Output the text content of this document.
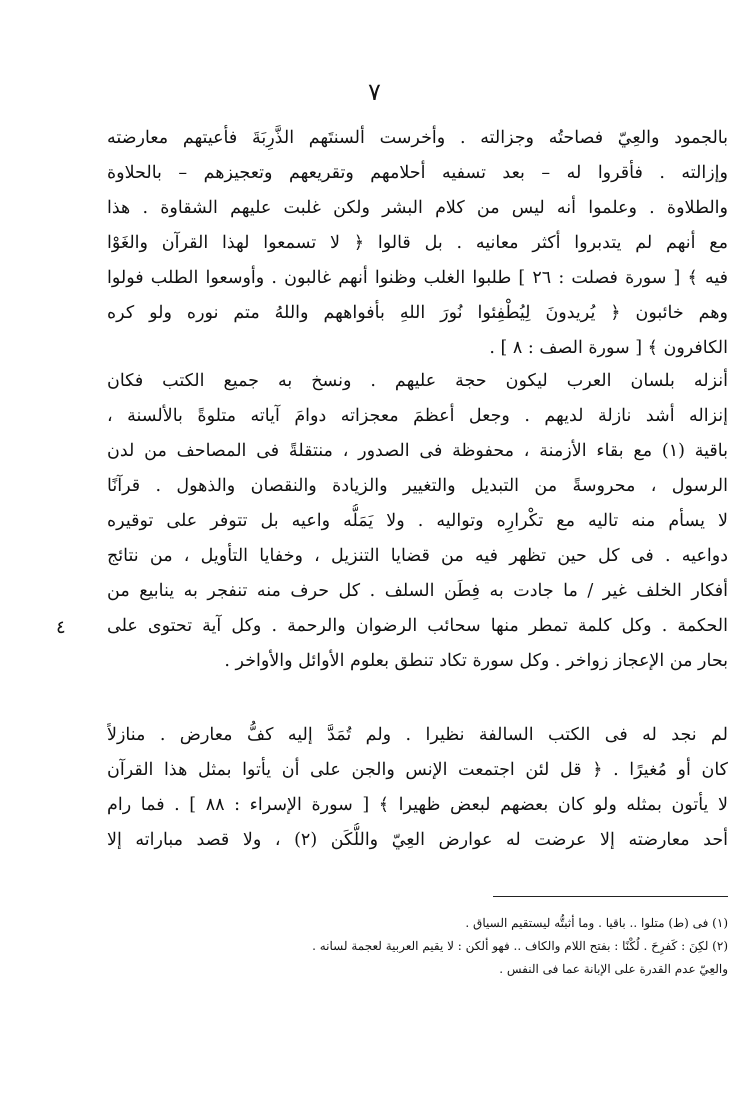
٧
بالجمود والعِيّ فصاحتُه وجزالته . وأخرست ألسنتَهم الذَّرِبَةَ فأعيتهم معارضته
وإزالته . فأقروا له – بعد تسفيه أحلامهم وتقريعهم وتعجيزهم – بالحلاوة
والطلاوة . وعلموا أنه ليس من كلام البشر ولكن غلبت عليهم الشقاوة . هذا
مع أنهم لم يتدبروا أكثر معانيه . بل قالوا ﴿ لا تسمعوا لهذا القرآن والغَوْا
فيه ﴾ [ سورة فصلت : ٢٦ ] طلبوا الغلب وظنوا أنهم غالبون . وأوسعوا الطلب فولوا
وهم خائبون ﴿ يُريدونَ لِيُطْفِئوا نُورَ اللهِ بأفواههم واللهُ متم نوره ولو كره
الكافرون ﴾ [ سورة الصف : ٨ ] .
أنزله بلسان العرب ليكون حجة عليهم . ونسخ به جميع الكتب فكان
إنزاله أشد نازلة لديهم . وجعل أعظمَ معجزاته دوامَ آياته متلوةً بالألسنة ،
باقية (١) مع بقاء الأزمنة ، محفوظة فى الصدور ، منتقلةً فى المصاحف من لدن
الرسول ، محروسةً من التبديل والتغيير والزيادة والنقصان والذهول . قرآنًا
لا يسأم منه تاليه مع تكْرارِه وتواليه . ولا يَمَلُّه واعيه بل تتوفر على توقيره
دواعيه . فى كل حين تظهر فيه من قضايا التنزيل ، وخفايا التأويل ، من نتائج
أفكار الخلف غير / ما جادت به فِطَن السلف . كل حرف منه تنفجر به ينابيع من
الحكمة . وكل كلمة تمطر منها سحائب الرضوان والرحمة . وكل آية تحتوى على
بحار من الإعجاز زواخر . وكل سورة تكاد تنطق بعلوم الأوائل والأواخر .
٤
لم نجد له فى الكتب السالفة نظيرا . ولم تُمَدَّ إليه كفُّ معارض . منازلاً
كان أو مُغيرًا . ﴿ قل لئن اجتمعت الإنس والجن على أن يأتوا بمثل هذا القرآن
لا يأتون بمثله ولو كان بعضهم لبعض ظهيرا ﴾ [ سورة الإسراء : ٨٨ ] . فما رام
أحد معارضته إلا عرضت له عوارض العِيّ واللُّكَن (٢) ، ولا قصد مباراته إلا
(١) فى (ط) متلوا .. باقيا . وما أثبتُّه ليستقيم السياق .
(٢) لكِنَ : كَفرِحَ . لُكْنًا : بفتح اللام والكاف .. فهو ألكن : لا يقيم العربية لعجمة لسانه .
والعِيّ عدم القدرة على الإبانة عما فى النفس .
